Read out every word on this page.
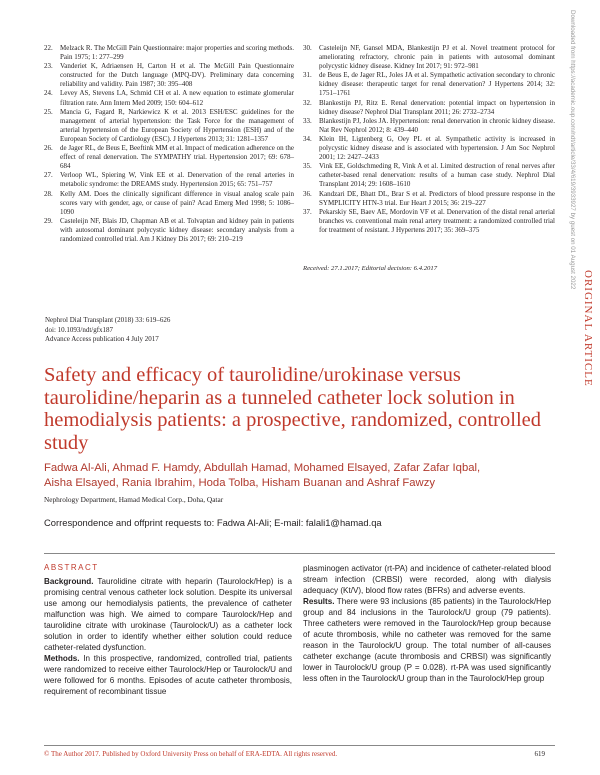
22.	Melzack R. The McGill Pain Questionnaire: major properties and scoring methods. Pain 1975; 1: 277–299
23.	Vanderiet K, Adriaensen H, Carton H et al. The McGill Pain Questionnaire constructed for the Dutch language (MPQ-DV). Preliminary data concerning reliability and validity. Pain 1987; 30: 395–408
24.	Levey AS, Stevens LA, Schmid CH et al. A new equation to estimate glomerular filtration rate. Ann Intern Med 2009; 150: 604–612
25.	Mancia G, Fagard R, Narkiewicz K et al. 2013 ESH/ESC guidelines for the management of arterial hypertension: the Task Force for the management of arterial hypertension of the European Society of Hypertension (ESH) and of the European Society of Cardiology (ESC). J Hypertens 2013; 31: 1281–1357
26.	de Jager RL, de Beus E, Beeftink MM et al. Impact of medication adherence on the effect of renal denervation. The SYMPATHY trial. Hypertension 2017; 69: 678–684
27.	Verloop WL, Spiering W, Vink EE et al. Denervation of the renal arteries in metabolic syndrome: the DREAMS study. Hypertension 2015; 65: 751–757
28.	Kelly AM. Does the clinically significant difference in visual analog scale pain scores vary with gender, age, or cause of pain? Acad Emerg Med 1998; 5: 1086–1090
29.	Casteleijn NF, Blais JD, Chapman AB et al. Tolvaptan and kidney pain in patients with autosomal dominant polycystic kidney disease: secondary analysis from a randomized controlled trial. Am J Kidney Dis 2017; 69: 210–219
30.	Casteleijn NF, Gansel MDA, Blankestijn PJ et al. Novel treatment protocol for ameliorating refractory, chronic pain in patients with autosomal dominant polycystic kidney disease. Kidney Int 2017; 91: 972–981
31.	de Beus E, de Jager RL, Joles JA et al. Sympathetic activation secondary to chronic kidney disease: therapeutic target for renal denervation? J Hypertens 2014; 32: 1751–1761
32.	Blankestijn PJ, Ritz E. Renal denervation: potential impact on hypertension in kidney disease? Nephrol Dial Transplant 2011; 26: 2732–2734
33.	Blankestijn PJ, Joles JA. Hypertension: renal denervation in chronic kidney disease. Nat Rev Nephrol 2012; 8: 439–440
34.	Klein IH, Ligtenberg G, Oey PL et al. Sympathetic activity is increased in polycystic kidney disease and is associated with hypertension. J Am Soc Nephrol 2001; 12: 2427–2433
35.	Vink EE, Goldschmeding R, Vink A et al. Limited destruction of renal nerves after catheter-based renal denervation: results of a human case study. Nephrol Dial Transplant 2014; 29: 1608–1610
36.	Kandzari DE, Bhatt DL, Brar S et al. Predictors of blood pressure response in the SYMPLICITY HTN-3 trial. Eur Heart J 2015; 36: 219–227
37.	Pekarskiy SE, Baev AE, Mordovin VF et al. Denervation of the distal renal arterial branches vs. conventional main renal artery treatment: a randomized controlled trial for treatment of resistant. J Hypertens 2017; 35: 369–375
Received: 27.1.2017; Editorial decision: 6.4.2017
Nephrol Dial Transplant (2018) 33: 619–626
doi: 10.1093/ndt/gfx187
Advance Access publication 4 July 2017
Safety and efficacy of taurolidine/urokinase versus taurolidine/heparin as a tunneled catheter lock solution in hemodialysis patients: a prospective, randomized, controlled study
Fadwa Al-Ali, Ahmad F. Hamdy, Abdullah Hamad, Mohamed Elsayed, Zafar Zafar Iqbal,
Aisha Elsayed, Rania Ibrahim, Hoda Tolba, Hisham Buanan and Ashraf Fawzy
Nephrology Department, Hamad Medical Corp., Doha, Qatar
Correspondence and offprint requests to: Fadwa Al-Ali; E-mail: falali1@hamad.qa
ABSTRACT

Background. Taurolidine citrate with heparin (Taurolock/Hep) is a promising central venous catheter lock solution. Despite its universal use among our hemodialysis patients, the prevalence of catheter malfunction was high. We aimed to compare Taurolock/Hep and taurolidine citrate with urokinase (Taurolock/U) as a catheter lock solution in order to identify whether either solution could reduce catheter-related dysfunction.

Methods. In this prospective, randomized, controlled trial, patients were randomized to receive either Taurolock/Hep or Taurolock/U and were followed for 6 months. Episodes of acute catheter thrombosis, requirement of recombinant tissue

plasminogen activator (rt-PA) and incidence of catheter-related blood stream infection (CRBSI) were recorded, along with dialysis adequacy (Kt/V), blood flow rates (BFRs) and adverse events.

Results. There were 93 inclusions (85 patients) in the Taurolock/Hep group and 84 inclusions in the Taurolock/U group (79 patients). Three catheters were removed in the Taurolock/Hep group because of acute thrombosis, while no catheter was removed for the same reason in the Taurolock/U group. The total number of all-causes catheter exchange (acute thrombosis and CRBSI) was significantly lower in Taurolock/U group (P = 0.028). rt-PA was used significantly less often in the Taurolock/U group than in the Taurolock/Hep group

© The Author 2017. Published by Oxford University Press on behalf of ERA-EDTA. All rights reserved.	619
Downloaded from https://academic.oup.com/ndt/article/33/4/619/3933927 by guest on 01 August 2022
ORIGINAL ARTICLE
